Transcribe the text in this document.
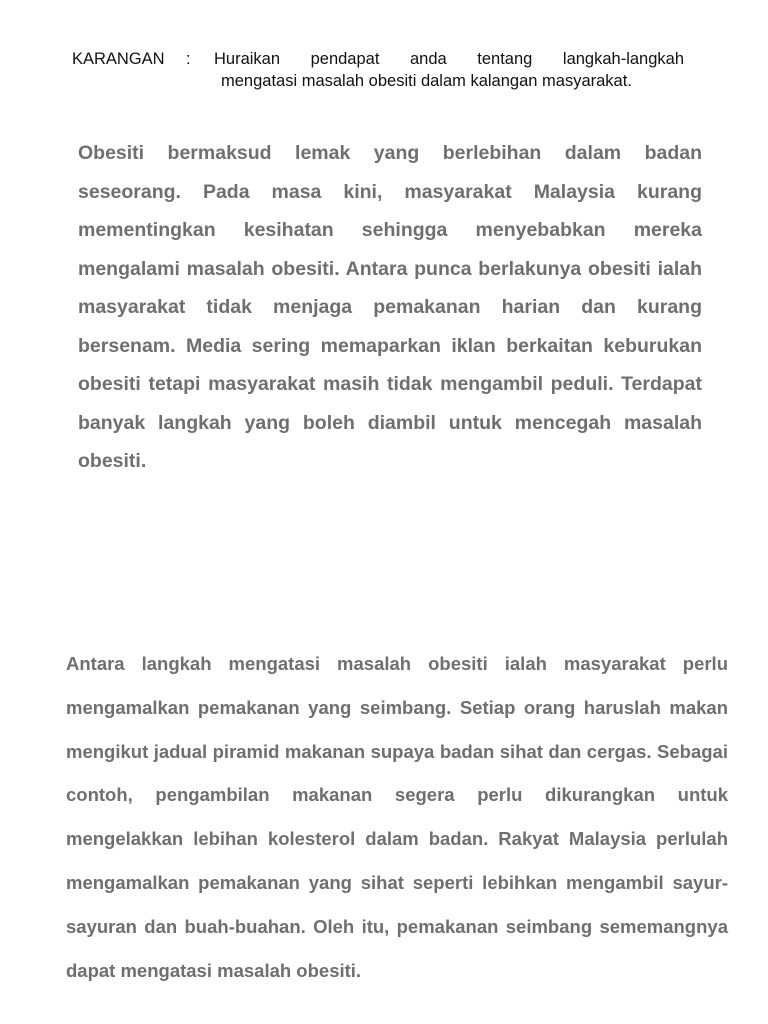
KARANGAN	:	Huraikan pendapat anda tentang langkah-langkah
mengatasi masalah obesiti dalam kalangan masyarakat.

Obesiti bermaksud lemak yang berlebihan dalam badan seseorang. Pada masa kini, masyarakat Malaysia kurang mementingkan kesihatan sehingga menyebabkan mereka mengalami masalah obesiti. Antara punca berlakunya obesiti ialah masyarakat tidak menjaga pemakanan harian dan kurang bersenam. Media sering memaparkan iklan berkaitan keburukan obesiti tetapi masyarakat masih tidak mengambil peduli. Terdapat banyak langkah yang boleh diambil untuk mencegah masalah obesiti.

Antara langkah mengatasi masalah obesiti ialah masyarakat perlu mengamalkan pemakanan yang seimbang. Setiap orang haruslah makan mengikut jadual piramid makanan supaya badan sihat dan cergas. Sebagai contoh, pengambilan makanan segera perlu dikurangkan untuk mengelakkan lebihan kolesterol dalam badan. Rakyat Malaysia perlulah mengamalkan pemakanan yang sihat seperti lebihkan mengambil sayur-sayuran dan buah-buahan. Oleh itu, pemakanan seimbang sememangnya dapat mengatasi masalah obesiti.
